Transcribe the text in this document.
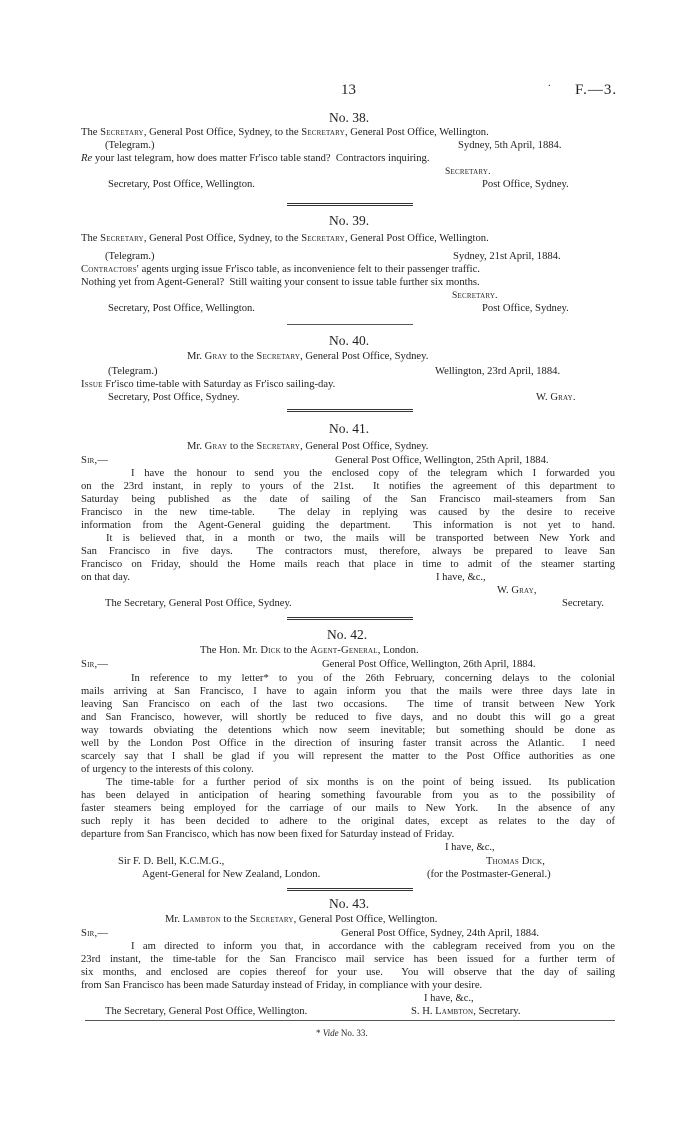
13	. F.—3.
No. 38.
The Secretary, General Post Office, Sydney, to the Secretary, General Post Office, Wellington.
(Telegram.)	Sydney, 5th April, 1884.
Re your last telegram, how does matter Fr'isco table stand?  Contractors inquiring.
Secretary.
Secretary, Post Office, Wellington.	Post Office, Sydney.
No. 39.
The Secretary, General Post Office, Sydney, to the Secretary, General Post Office, Wellington.
(Telegram.)	Sydney, 21st April, 1884.
Contractors' agents urging issue Fr'isco table, as inconvenience felt to their passenger traffic.
Nothing yet from Agent-General?  Still waiting your consent to issue table further six months.
Secretary.
Secretary, Post Office, Wellington.	Post Office, Sydney.
No. 40.
Mr. Gray to the Secretary, General Post Office, Sydney.
(Telegram.)	Wellington, 23rd April, 1884.
Issue Fr'isco time-table with Saturday as Fr'isco sailing-day.
Secretary, Post Office, Sydney.	W. Gray.
No. 41.
Mr. Gray to the Secretary, General Post Office, Sydney.
Sir,—	General Post Office, Wellington, 25th April, 1884.
I have the honour to send you the enclosed copy of the telegram which I forwarded you
on the 23rd instant, in reply to yours of the 21st.  It notifies the agreement of this department to
Saturday being published as the date of sailing of the San Francisco mail-steamers from San
Francisco in the new time-table.  The delay in replying was caused by the desire to receive
information from the Agent-General guiding the department.  This information is not yet to hand.
It is believed that, in a month or two, the mails will be transported between New York and
San Francisco in five days.  The contractors must, therefore, always be prepared to leave San
Francisco on Friday, should the Home mails reach that place in time to admit of the steamer starting
on that day.	I have, &c.,
W. Gray,
The Secretary, General Post Office, Sydney.	Secretary.
No. 42.
The Hon. Mr. Dick to the Agent-General, London.
Sir,—	General Post Office, Wellington, 26th April, 1884.
In reference to my letter* to you of the 26th February, concerning delays to the colonial
mails arriving at San Francisco, I have to again inform you that the mails were three days late in
leaving San Francisco on each of the last two occasions.  The time of transit between New York
and San Francisco, however, will shortly be reduced to five days, and no doubt this will go a great
way towards obviating the detentions which now seem inevitable; but something should be done as
well by the London Post Office in the direction of insuring faster transit across the Atlantic.  I need
scarcely say that I shall be glad if you will represent the matter to the Post Office authorities as one
of urgency to the interests of this colony.
The time-table for a further period of six months is on the point of being issued.  Its publication
has been delayed in anticipation of hearing something favourable from you as to the possibility of
faster steamers being employed for the carriage of our mails to New York.  In the absence of any
such reply it has been decided to adhere to the original dates, except as relates to the day of
departure from San Francisco, which has now been fixed for Saturday instead of Friday.
I have, &c.,
Sir F. D. Bell, K.C.M.G.,	Thomas Dick,
Agent-General for New Zealand, London.	(for the Postmaster-General.)
No. 43.
Mr. Lambton to the Secretary, General Post Office, Wellington.
Sir,—	General Post Office, Sydney, 24th April, 1884.
I am directed to inform you that, in accordance with the cablegram received from you on the
23rd instant, the time-table for the San Francisco mail service has been issued for a further term of
six months, and enclosed are copies thereof for your use.  You will observe that the day of sailing
from San Francisco has been made Saturday instead of Friday, in compliance with your desire.
I have, &c.,
The Secretary, General Post Office, Wellington.	S. H. Lambton, Secretary.
* Vide No. 33.
